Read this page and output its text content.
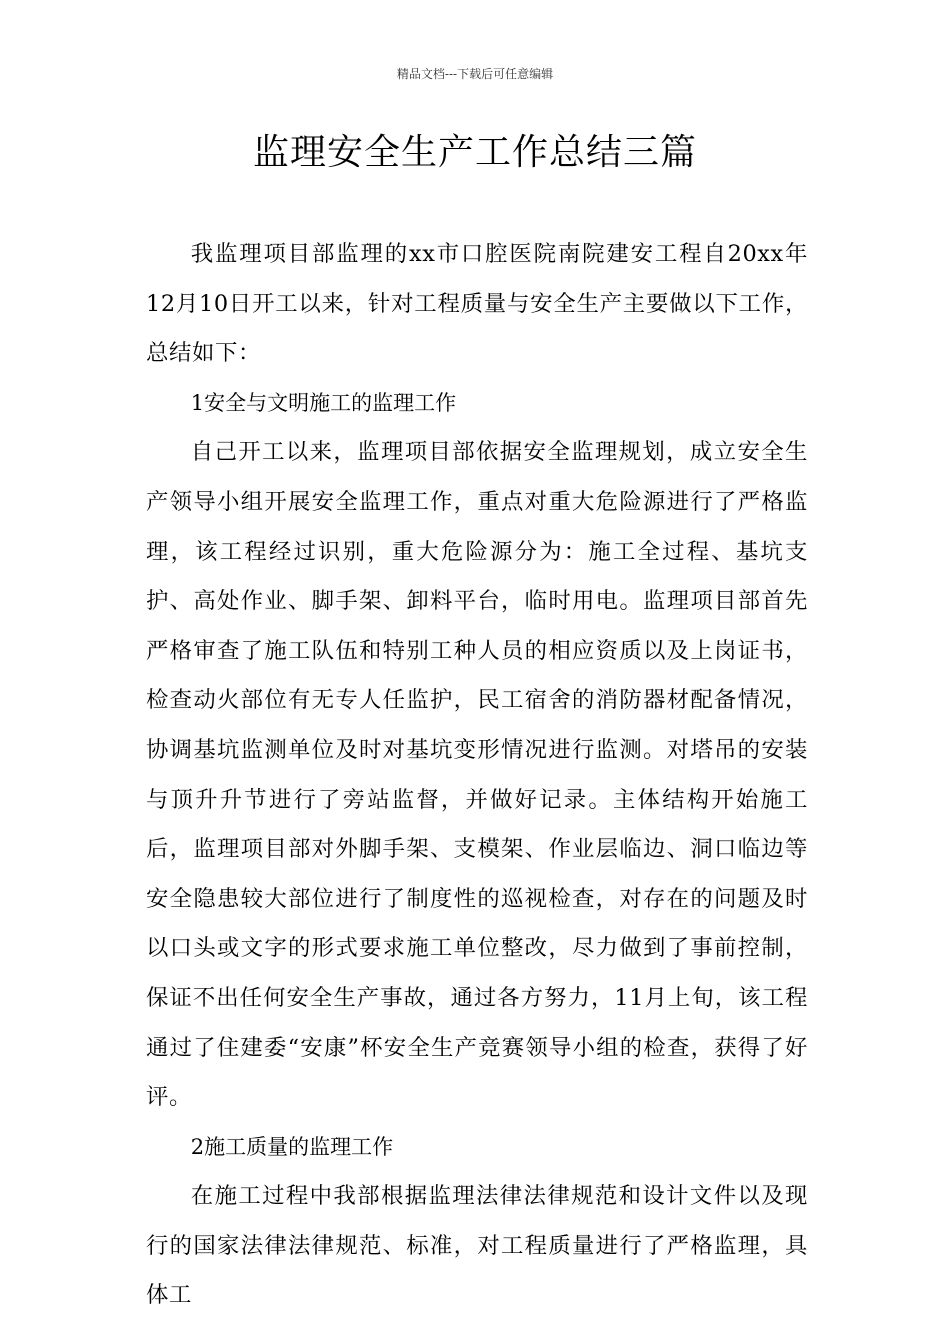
精品文档---下载后可任意编辑
监理安全生产工作总结三篇

我监理项目部监理的xx市口腔医院南院建安工程自20xx年12月10日开工以来，针对工程质量与安全生产主要做以下工作，总结如下：

1安全与文明施工的监理工作

自己开工以来，监理项目部依据安全监理规划，成立安全生产领导小组开展安全监理工作，重点对重大危险源进行了严格监理，该工程经过识别，重大危险源分为：施工全过程、基坑支护、高处作业、脚手架、卸料平台，临时用电。监理项目部首先严格审查了施工队伍和特别工种人员的相应资质以及上岗证书，检查动火部位有无专人任监护，民工宿舍的消防器材配备情况，协调基坑监测单位及时对基坑变形情况进行监测。对塔吊的安装与顶升升节进行了旁站监督，并做好记录。主体结构开始施工后，监理项目部对外脚手架、支模架、作业层临边、洞口临边等安全隐患较大部位进行了制度性的巡视检查，对存在的问题及时以口头或文字的形式要求施工单位整改，尽力做到了事前控制，保证不出任何安全生产事故，通过各方努力，11月上旬，该工程通过了住建委“安康”杯安全生产竞赛领导小组的检查，获得了好评。

2施工质量的监理工作

在施工过程中我部根据监理法律法律规范和设计文件以及现行的国家法律法律规范、标准，对工程质量进行了严格监理，具体工
